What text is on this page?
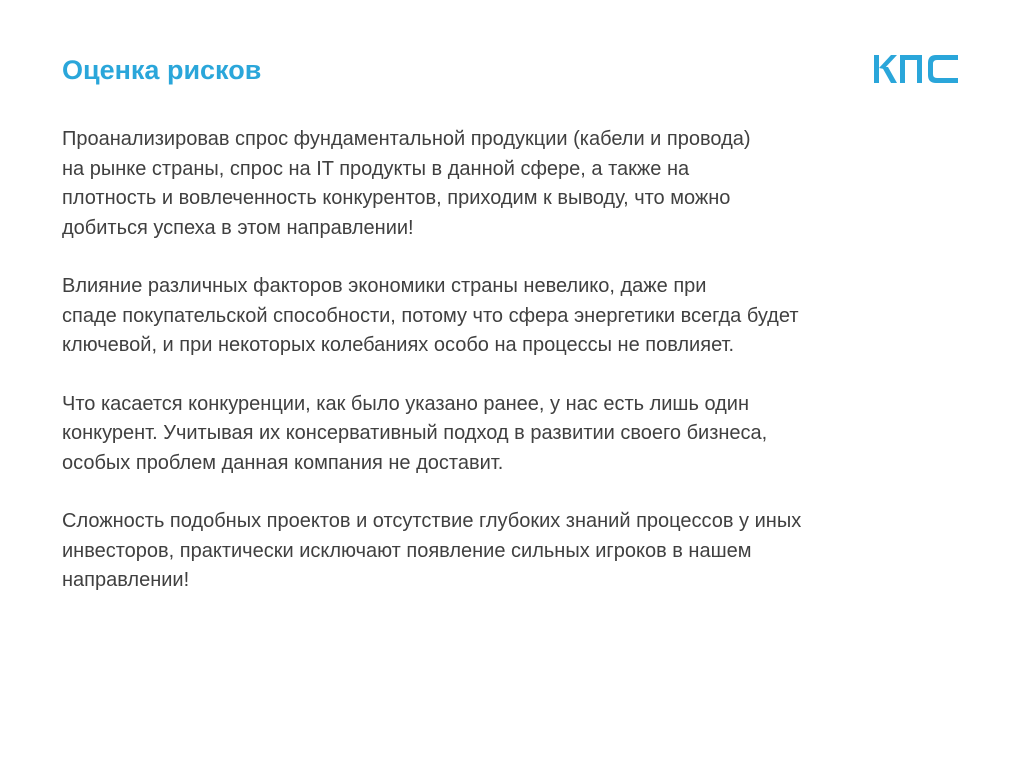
Оценка рисков

Проанализировав спрос фундаментальной продукции (кабели и провода)
на рынке страны, спрос на IT продукты в данной сфере, а также на
плотность и вовлеченность конкурентов, приходим к выводу, что можно
добиться успеха в этом направлении!

Влияние различных факторов экономики страны невелико, даже при
спаде покупательской способности, потому что сфера энергетики всегда будет
ключевой, и при некоторых колебаниях особо на процессы не повлияет.

Что касается конкуренции, как было указано ранее, у нас есть лишь один
конкурент. Учитывая их консервативный подход в развитии своего бизнеса,
особых проблем данная компания не доставит.

Сложность подобных проектов и отсутствие глубоких знаний процессов у иных
инвесторов, практически исключают появление сильных игроков в нашем
направлении!
